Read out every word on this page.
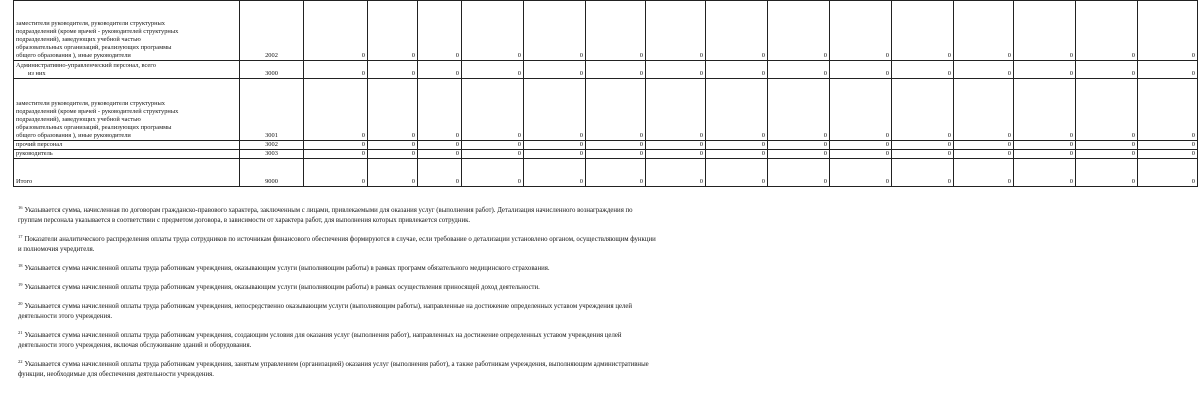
заместители руководителя, руководители структурных
подразделений (кроме врачей - руководителей структурных
подразделений), заведующих учебной частью
образовательных организаций, реализующих программы
общего образования ), иные руководители	2002	0	0	0	0	0	0	0	0	0	0	0	0	0	0	0	

Административно-управленческий персонал, всего
из них	3000	0	0	0	0	0	0	0	0	0	0	0	0	0	0	0	

заместители руководителя, руководители структурных
подразделений (кроме врачей - руководителей структурных
подразделений), заведующих учебной частью
образовательных организаций, реализующих программы
общего образования ), иные руководители	3001	0	0	0	0	0	0	0	0	0	0	0	0	0	0	0	

прочий персонал	3002	0	0	0	0	0	0	0	0	0	0	0	0	0	0	0	

руководитель	3003	0	0	0	0	0	0	0	0	0	0	0	0	0	0	0	

Итого	9000	0	0	0	0	0	0	0	0	0	0	0	0	0	0	0	
$^{16}$ Указывается сумма, начисленная по договорам гражданско-правового характера, заключенным с лицами, привлекаемыми для оказания услуг (выполнения работ). Детализация начисленного вознаграждения по группам персонала указывается в соответствии с предметом договора, в зависимости от характера работ, для выполнения которых привлекается сотрудник.
$^{17}$ Показатели аналитического распределения оплаты труда сотрудников по источникам финансового обеспечения формируются в случае, если требование о детализации установлено органом, осуществляющим функции и полномочия учредителя.
$^{18}$ Указывается сумма начисленной оплаты труда работникам учреждения, оказывающим услуги (выполняющим работы) в рамках программ обязательного медицинского страхования.
$^{19}$ Указывается сумма начисленной оплаты труда работникам учреждения, оказывающим услуги (выполняющим работы) в рамках осуществления приносящей доход деятельности.
$^{20}$ Указывается сумма начисленной оплаты труда работникам учреждения, непосредственно оказывающим услуги (выполняющим работы), направленные на достижение определенных уставом учреждения целей деятельности этого учреждения.
$^{21}$ Указывается сумма начисленной оплаты труда работникам учреждения, создающим условия для оказания услуг (выполнения работ), направленных на достижение определенных уставом учреждения целей деятельности этого учреждения, включая обслуживание зданий и оборудования.
$^{22}$ Указывается сумма начисленной оплаты труда работникам учреждения, занятым управлением (организацией) оказания услуг (выполнения работ), а также работникам учреждения, выполняющим административные функции, необходимые для обеспечения деятельности учреждения.
